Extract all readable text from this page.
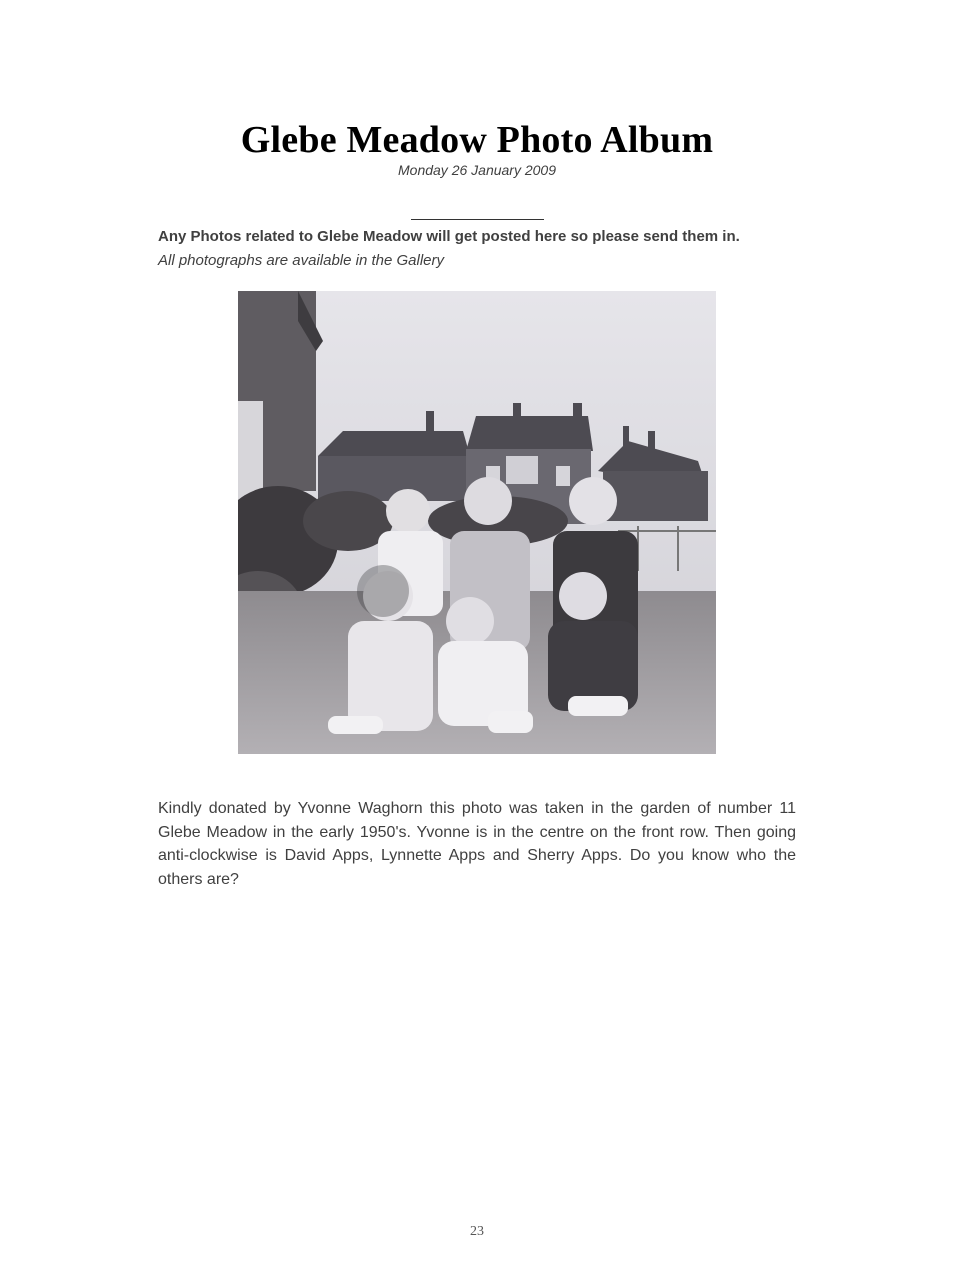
Glebe Meadow Photo Album
Monday 26 January 2009
Any Photos related to Glebe Meadow will get posted here so please send them in.
All photographs are available in the Gallery
Kindly donated by Yvonne Waghorn this photo was taken in the garden of number 11 Glebe Meadow in the early 1950's. Yvonne is in the centre on the front row. Then going anti-clockwise is David Apps, Lynnette Apps and Sherry Apps. Do you know who the others are?
23
